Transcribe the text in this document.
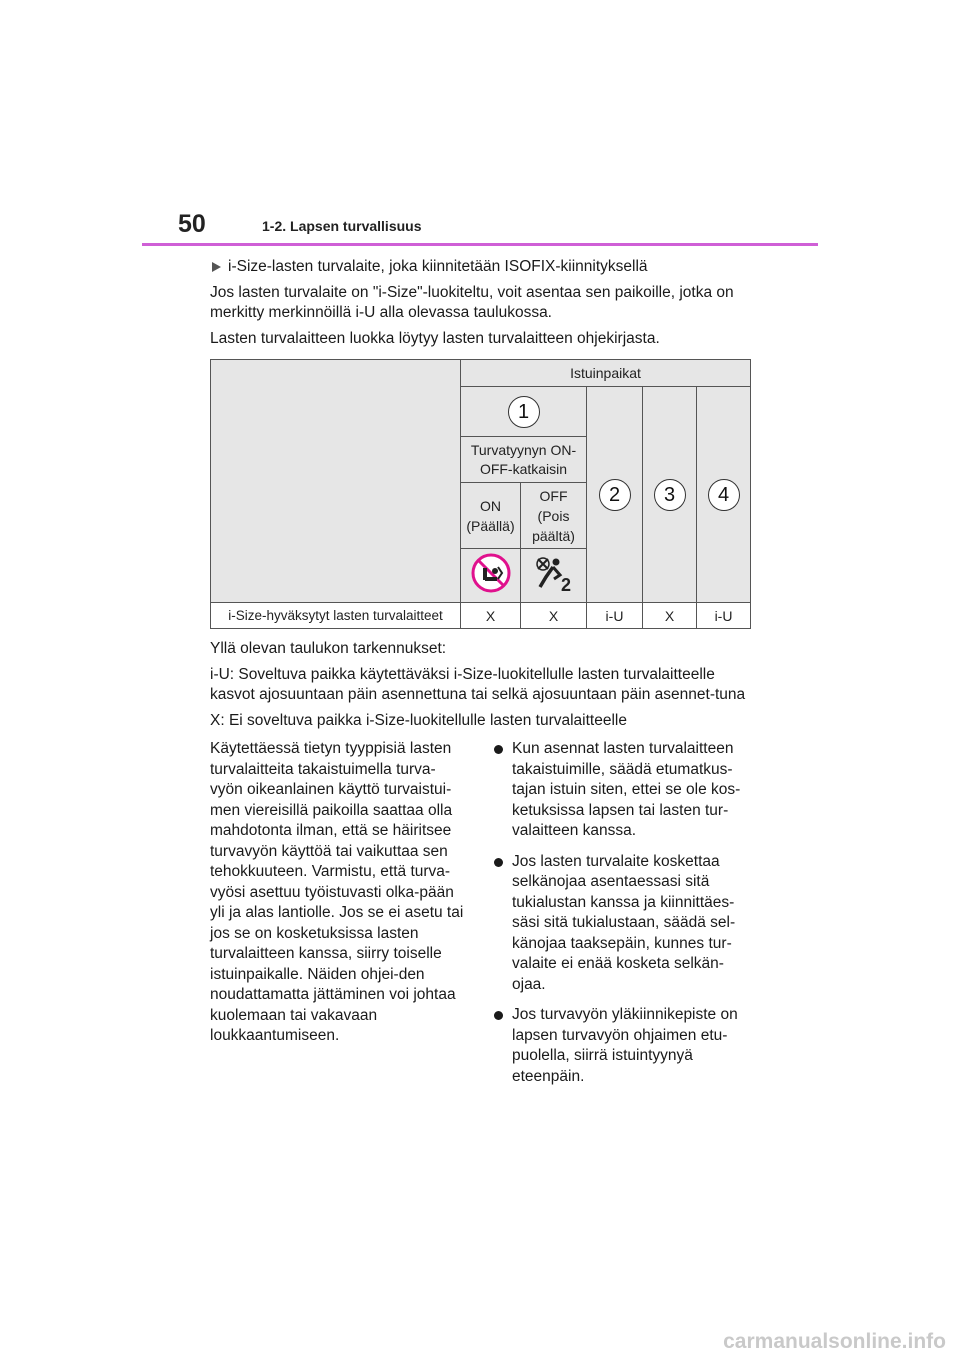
50	1-2. Lapsen turvallisuus
i-Size-lasten turvalaite, joka kiinnitetään ISOFIX-kiinnityksellä

Jos lasten turvalaite on "i-Size"-luokiteltu, voit asentaa sen paikoille, jotka on merkitty merkinnöillä i-U alla olevassa taulukossa.

Lasten turvalaitteen luokka löytyy lasten turvalaitteen ohjekirjasta.

	Istuinpaikat				
	1		2	3	4
	Turvatyynyn ON-OFF-katkaisin				
	ON (Päällä)	OFF (Pois päältä)			

2			

i-Size-hyväksytyt lasten turvalaitteet	X	X	i-U	X	i-U

Yllä olevan taulukon tarkennukset:

i-U: Soveltuva paikka käytettäväksi i-Size-luokitellulle lasten turvalaitteelle kasvot ajosuuntaan päin asennettuna tai selkä ajosuuntaan päin asennet-tuna

X: Ei soveltuva paikka i-Size-luokitellulle lasten turvalaitteelle

Käytettäessä tietyn tyyppisiä lasten turvalaitteita takaistuimella turva-vyön oikeanlainen käyttö turvaistui-men viereisillä paikoilla saattaa olla mahdotonta ilman, että se häiritsee turvavyön käyttöä tai vaikuttaa sen tehokkuuteen. Varmistu, että turva-vyösi asettuu työistuvasti olka-pään yli ja alas lantiolle. Jos se ei asetu tai jos se on kosketuksissa lasten turvalaitteen kanssa, siirry toiselle istuinpaikalle. Näiden ohjei-den noudattamatta jättäminen voi johtaa kuolemaan tai vakavaan loukkaantumiseen.
Kun asennat lasten turvalaitteen takaistuimille, säädä etumatkus-tajan istuin siten, ettei se ole kos-ketuksissa lapsen tai lasten tur-valaitteen kanssa.
Jos lasten turvalaite koskettaa selkänojaa asentaessasi sitä tukialustan kanssa ja kiinnittäes-säsi sitä tukialustaan, säädä sel-känojaa taaksepäin, kunnes tur-valaite ei enää kosketa selkän-ojaa.
Jos turvavyön yläkiinnikepiste on lapsen turvavyön ohjaimen etu-puolella, siirrä istuintyynyä eteenpäin.
carmanualsonline.info
